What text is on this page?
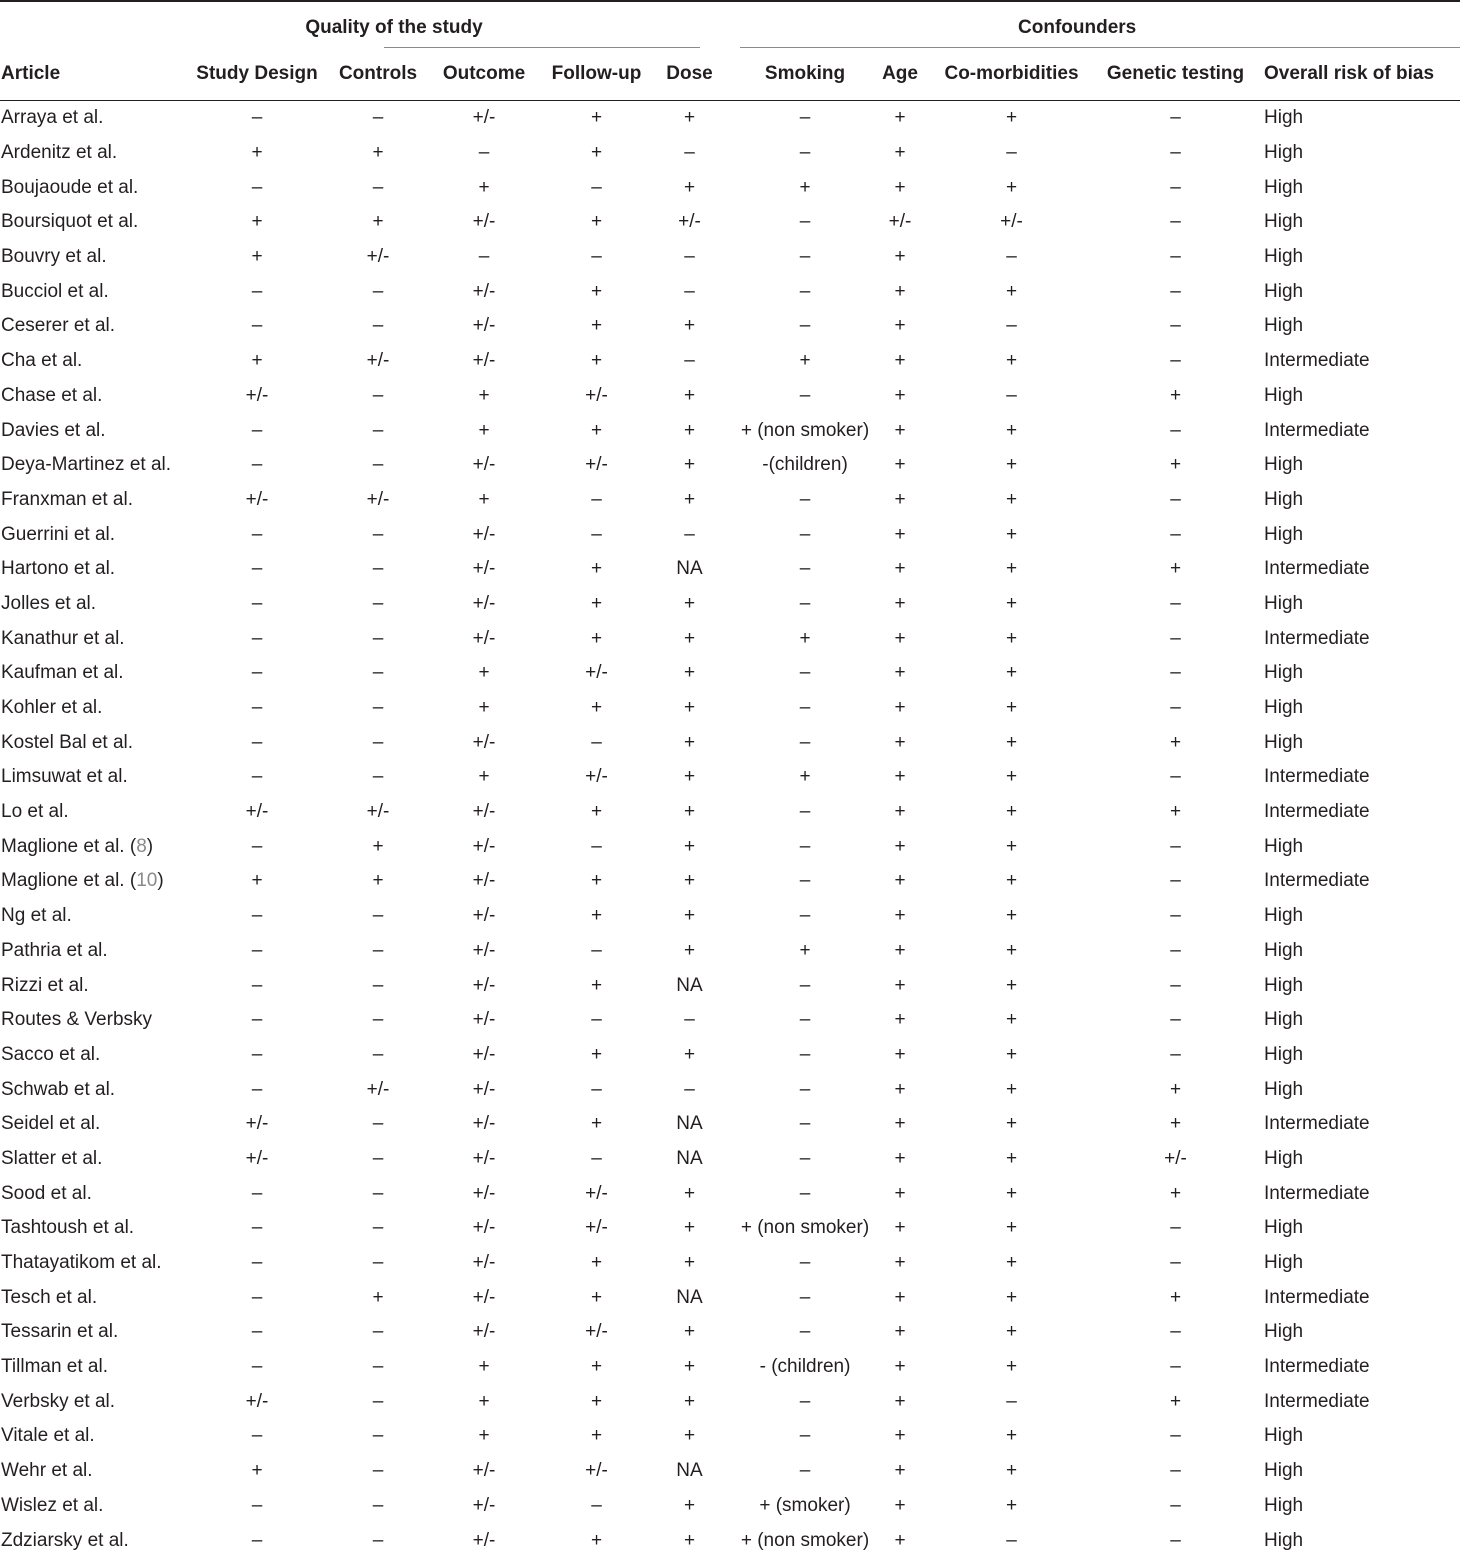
	Quality of the study					Confounders				

Article	Study Design	Controls	Outcome	Follow-up	Dose	Smoking	Age	Co-morbidities	Genetic testing	Overall risk of bias
Arraya et al.	–	–	+/-	+	+	–	+	+	–	High
Ardenitz et al.	+	+	–	+	–	–	+	–	–	High
Boujaoude et al.	–	–	+	–	+	+	+	+	–	High
Boursiquot et al.	+	+	+/-	+	+/-	–	+/-	+/-	–	High
Bouvry et al.	+	+/-	–	–	–	–	+	–	–	High
Bucciol et al.	–	–	+/-	+	–	–	+	+	–	High
Ceserer et al.	–	–	+/-	+	+	–	+	–	–	High
Cha et al.	+	+/-	+/-	+	–	+	+	+	–	Intermediate
Chase et al.	+/-	–	+	+/-	+	–	+	–	+	High
Davies et al.	–	–	+	+	+	+ (non smoker)	+	+	–	Intermediate
Deya-Martinez et al.	–	–	+/-	+/-	+	-(children)	+	+	+	High
Franxman et al.	+/-	+/-	+	–	+	–	+	+	–	High
Guerrini et al.	–	–	+/-	–	–	–	+	+	–	High
Hartono et al.	–	–	+/-	+	NA	–	+	+	+	Intermediate
Jolles et al.	–	–	+/-	+	+	–	+	+	–	High
Kanathur et al.	–	–	+/-	+	+	+	+	+	–	Intermediate
Kaufman et al.	–	–	+	+/-	+	–	+	+	–	High
Kohler et al.	–	–	+	+	+	–	+	+	–	High
Kostel Bal et al.	–	–	+/-	–	+	–	+	+	+	High
Limsuwat et al.	–	–	+	+/-	+	+	+	+	–	Intermediate
Lo et al.	+/-	+/-	+/-	+	+	–	+	+	+	Intermediate
Maglione et al. (8)	–	+	+/-	–	+	–	+	+	–	High
Maglione et al. (10)	+	+	+/-	+	+	–	+	+	–	Intermediate
Ng et al.	–	–	+/-	+	+	–	+	+	–	High
Pathria et al.	–	–	+/-	–	+	+	+	+	–	High
Rizzi et al.	–	–	+/-	+	NA	–	+	+	–	High
Routes & Verbsky	–	–	+/-	–	–	–	+	+	–	High
Sacco et al.	–	–	+/-	+	+	–	+	+	–	High
Schwab et al.	–	+/-	+/-	–	–	–	+	+	+	High
Seidel et al.	+/-	–	+/-	+	NA	–	+	+	+	Intermediate
Slatter et al.	+/-	–	+/-	–	NA	–	+	+	+/-	High
Sood et al.	–	–	+/-	+/-	+	–	+	+	+	Intermediate
Tashtoush et al.	–	–	+/-	+/-	+	+ (non smoker)	+	+	–	High
Thatayatikom et al.	–	–	+/-	+	+	–	+	+	–	High
Tesch et al.	–	+	+/-	+	NA	–	+	+	+	Intermediate
Tessarin et al.	–	–	+/-	+/-	+	–	+	+	–	High
Tillman et al.	–	–	+	+	+	- (children)	+	+	–	Intermediate
Verbsky et al.	+/-	–	+	+	+	–	+	–	+	Intermediate
Vitale et al.	–	–	+	+	+	–	+	+	–	High
Wehr et al.	+	–	+/-	+/-	NA	–	+	+	–	High
Wislez et al.	–	–	+/-	–	+	+ (smoker)	+	+	–	High
Zdziarsky et al.	–	–	+/-	+	+	+ (non smoker)	+	–	–	High
